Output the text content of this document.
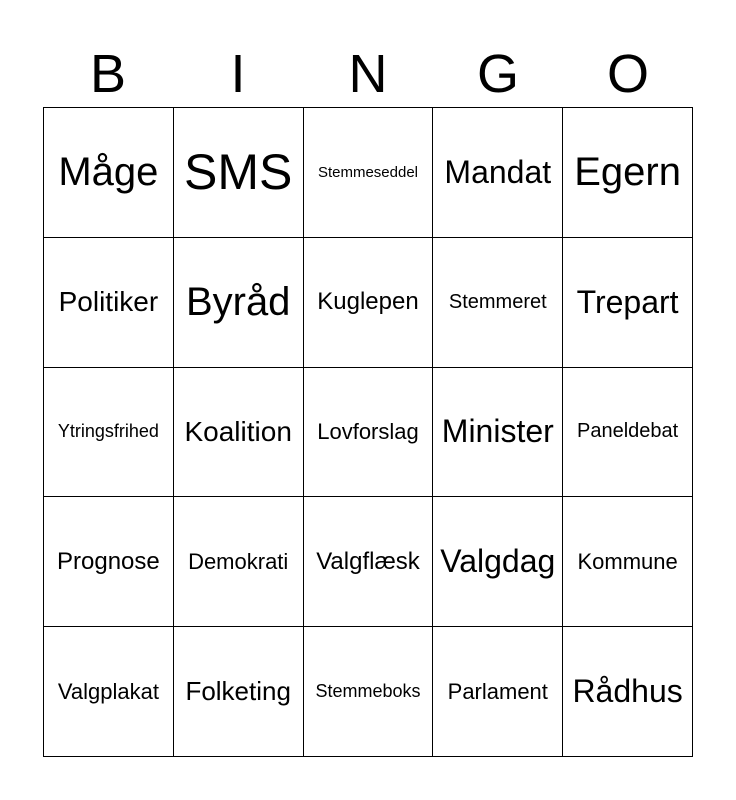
B	I	N	G	O
Måge SMS Stemmeseddel Mandat Egern
Politiker Byråd Kuglepen Stemmeret Trepart
Ytringsfrihed Koalition Lovforslag Minister Paneldebat
Prognose Demokrati Valgflæsk Valgdag Kommune
Valgplakat Folketing Stemmeboks Parlament Rådhus
